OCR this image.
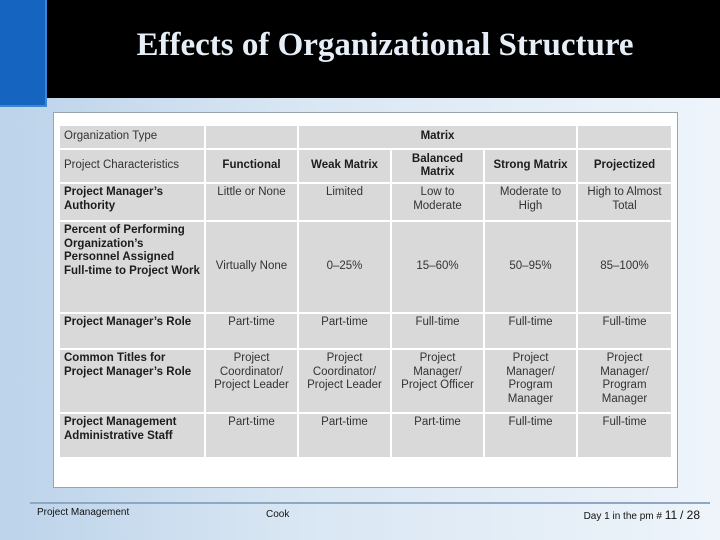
Effects of Organizational Structure
Organization Type		Matrix			
Project Characteristics	Functional	Weak Matrix	Balanced Matrix	Strong Matrix	Projectized
Project Manager’s Authority	Little or None	Limited	Low to Moderate	Moderate to High	High to Almost Total
Percent of Performing Organization’s Personnel Assigned Full-time to Project Work	Virtually None	0–25%	15–60%	50–95%	85–100%
Project Manager’s Role	Part-time	Part-time	Full-time	Full-time	Full-time
Common Titles for Project Manager’s Role	Project Coordinator/ Project Leader	Project Coordinator/ Project Leader	Project Manager/ Project Officer	Project Manager/ Program Manager	Project Manager/ Program Manager
Project Management Administrative Staff	Part-time	Part-time	Part-time	Full-time	Full-time

Project Management	Cook	Day 1 in the pm # 11 / 28
